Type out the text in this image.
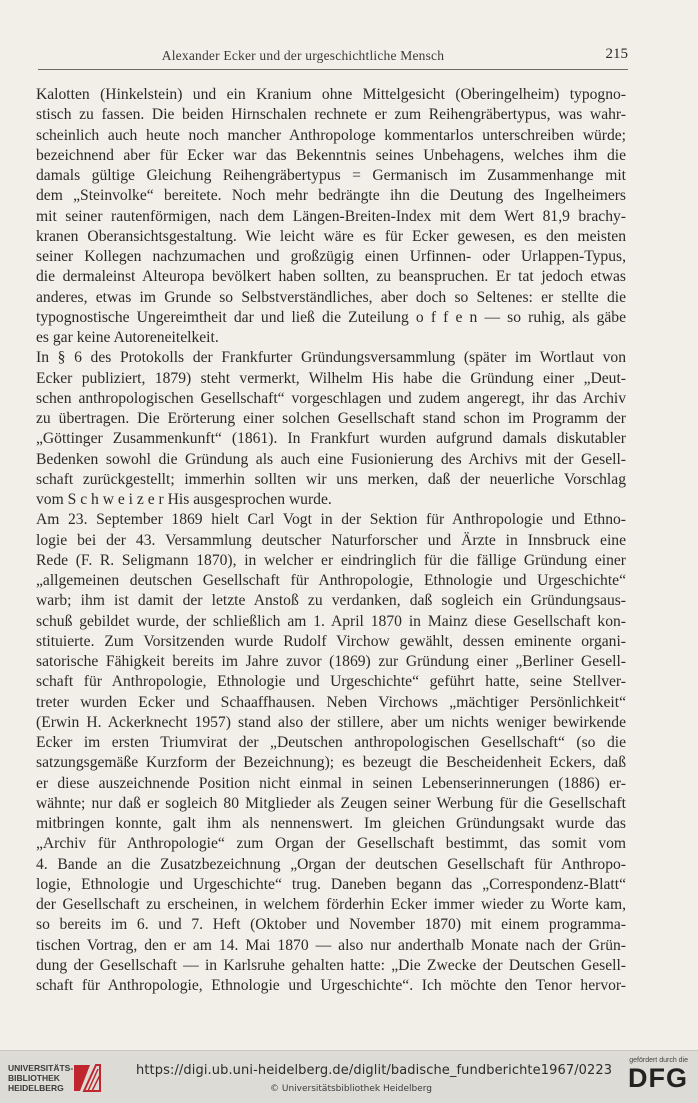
Alexander Ecker und der urgeschichtliche Mensch	215
Kalotten (Hinkelstein) und ein Kranium ohne Mittelgesicht (Oberingelheim) typogno-
stisch zu fassen. Die beiden Hirnschalen rechnete er zum Reihengräbertypus, was wahr-
scheinlich auch heute noch mancher Anthropologe kommentarlos unterschreiben würde;
bezeichnend aber für Ecker war das Bekenntnis seines Unbehagens, welches ihm die
damals gültige Gleichung Reihengräbertypus = Germanisch im Zusammenhange mit
dem „Steinvolke“ bereitete. Noch mehr bedrängte ihn die Deutung des Ingelheimers
mit seiner rautenförmigen, nach dem Längen-Breiten-Index mit dem Wert 81,9 brachy-
kranen Oberansichtsgestaltung. Wie leicht wäre es für Ecker gewesen, es den meisten
seiner Kollegen nachzumachen und großzügig einen Urfinnen- oder Urlappen-Typus,
die dermaleinst Alteuropa bevölkert haben sollten, zu beanspruchen. Er tat jedoch etwas
anderes, etwas im Grunde so Selbstverständliches, aber doch so Seltenes: er stellte die
typognostische Ungereimtheit dar und ließ die Zuteilung o f f e n — so ruhig, als gäbe
es gar keine Autoreneitelkeit.
In § 6 des Protokolls der Frankfurter Gründungsversammlung (später im Wortlaut von
Ecker publiziert, 1879) steht vermerkt, Wilhelm His habe die Gründung einer „Deut-
schen anthropologischen Gesellschaft“ vorgeschlagen und zudem angeregt, ihr das Archiv
zu übertragen. Die Erörterung einer solchen Gesellschaft stand schon im Programm der
„Göttinger Zusammenkunft“ (1861). In Frankfurt wurden aufgrund damals diskutabler
Bedenken sowohl die Gründung als auch eine Fusionierung des Archivs mit der Gesell-
schaft zurückgestellt; immerhin sollten wir uns merken, daß der neuerliche Vorschlag
vom S c h w e i z e r His ausgesprochen wurde.
Am 23. September 1869 hielt Carl Vogt in der Sektion für Anthropologie und Ethno-
logie bei der 43. Versammlung deutscher Naturforscher und Ärzte in Innsbruck eine
Rede (F. R. Seligmann 1870), in welcher er eindringlich für die fällige Gründung einer
„allgemeinen deutschen Gesellschaft für Anthropologie, Ethnologie und Urgeschichte“
warb; ihm ist damit der letzte Anstoß zu verdanken, daß sogleich ein Gründungsaus-
schuß gebildet wurde, der schließlich am 1. April 1870 in Mainz diese Gesellschaft kon-
stituierte. Zum Vorsitzenden wurde Rudolf Virchow gewählt, dessen eminente organi-
satorische Fähigkeit bereits im Jahre zuvor (1869) zur Gründung einer „Berliner Gesell-
schaft für Anthropologie, Ethnologie und Urgeschichte“ geführt hatte, seine Stellver-
treter wurden Ecker und Schaaffhausen. Neben Virchows „mächtiger Persönlichkeit“
(Erwin H. Ackerknecht 1957) stand also der stillere, aber um nichts weniger bewirkende
Ecker im ersten Triumvirat der „Deutschen anthropologischen Gesellschaft“ (so die
satzungsgemäße Kurzform der Bezeichnung); es bezeugt die Bescheidenheit Eckers, daß
er diese auszeichnende Position nicht einmal in seinen Lebenserinnerungen (1886) er-
wähnte; nur daß er sogleich 80 Mitglieder als Zeugen seiner Werbung für die Gesellschaft
mitbringen konnte, galt ihm als nennenswert. Im gleichen Gründungsakt wurde das
„Archiv für Anthropologie“ zum Organ der Gesellschaft bestimmt, das somit vom
4. Bande an die Zusatzbezeichnung „Organ der deutschen Gesellschaft für Anthropo-
logie, Ethnologie und Urgeschichte“ trug. Daneben begann das „Correspondenz-Blatt“
der Gesellschaft zu erscheinen, in welchem förderhin Ecker immer wieder zu Worte kam,
so bereits im 6. und 7. Heft (Oktober und November 1870) mit einem programma-
tischen Vortrag, den er am 14. Mai 1870 — also nur anderthalb Monate nach der Grün-
dung der Gesellschaft — in Karlsruhe gehalten hatte: „Die Zwecke der Deutschen Gesell-
schaft für Anthropologie, Ethnologie und Urgeschichte“. Ich möchte den Tenor hervor-
UNIVERSITÄTS-
BIBLIOTHEK
HEIDELBERG
https://digi.ub.uni-heidelberg.de/diglit/badische_fundberichte1967/0223
© Universitätsbibliothek Heidelberg
gefördert durch die
DFG
